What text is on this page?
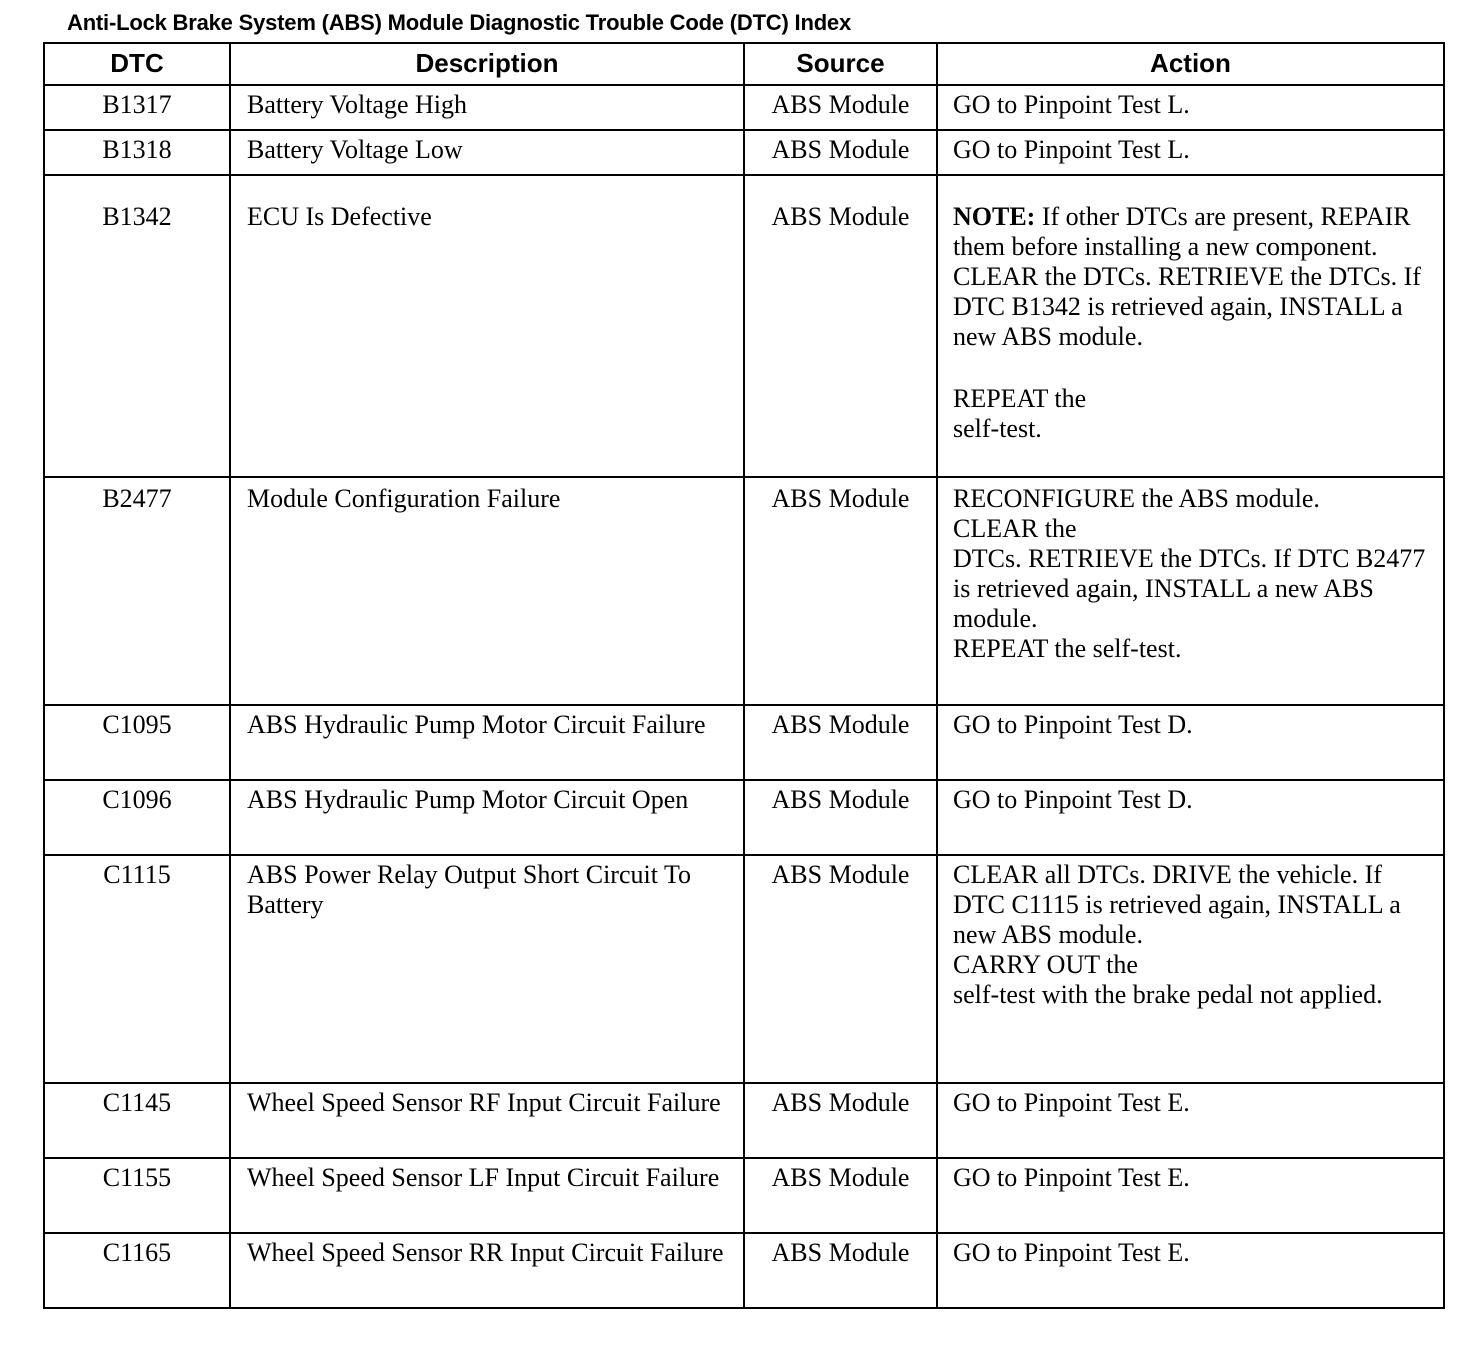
Anti-Lock Brake System (ABS) Module Diagnostic Trouble Code (DTC) Index
DTC	Description	Source	Action
B1317	Battery Voltage High	ABS Module	GO to Pinpoint Test L.

B1318	Battery Voltage Low	ABS Module	GO to Pinpoint Test L.

B1342	ECU Is Defective	ABS Module	NOTE: If other DTCs are present, REPAIR them before installing a new component.
CLEAR the DTCs. RETRIEVE the DTCs. If DTC B1342 is retrieved again, INSTALL a new ABS module.
REPEAT the
self-test.

B2477	Module Configuration Failure	ABS Module	RECONFIGURE the ABS module.
CLEAR the
DTCs. RETRIEVE the DTCs. If DTC B2477 is retrieved again, INSTALL a new ABS module.
REPEAT the self-test.

C1095	ABS Hydraulic Pump Motor Circuit Failure	ABS Module	GO to Pinpoint Test D.

C1096	ABS Hydraulic Pump Motor Circuit Open	ABS Module	GO to Pinpoint Test D.

C1115	ABS Power Relay Output Short Circuit To Battery	ABS Module	CLEAR all DTCs. DRIVE the vehicle. If DTC C1115 is retrieved again, INSTALL a new ABS module.
CARRY OUT the
self-test with the brake pedal not applied.

C1145	Wheel Speed Sensor RF Input Circuit Failure	ABS Module	GO to Pinpoint Test E.

C1155	Wheel Speed Sensor LF Input Circuit Failure	ABS Module	GO to Pinpoint Test E.

C1165	Wheel Speed Sensor RR Input Circuit Failure	ABS Module	GO to Pinpoint Test E.
